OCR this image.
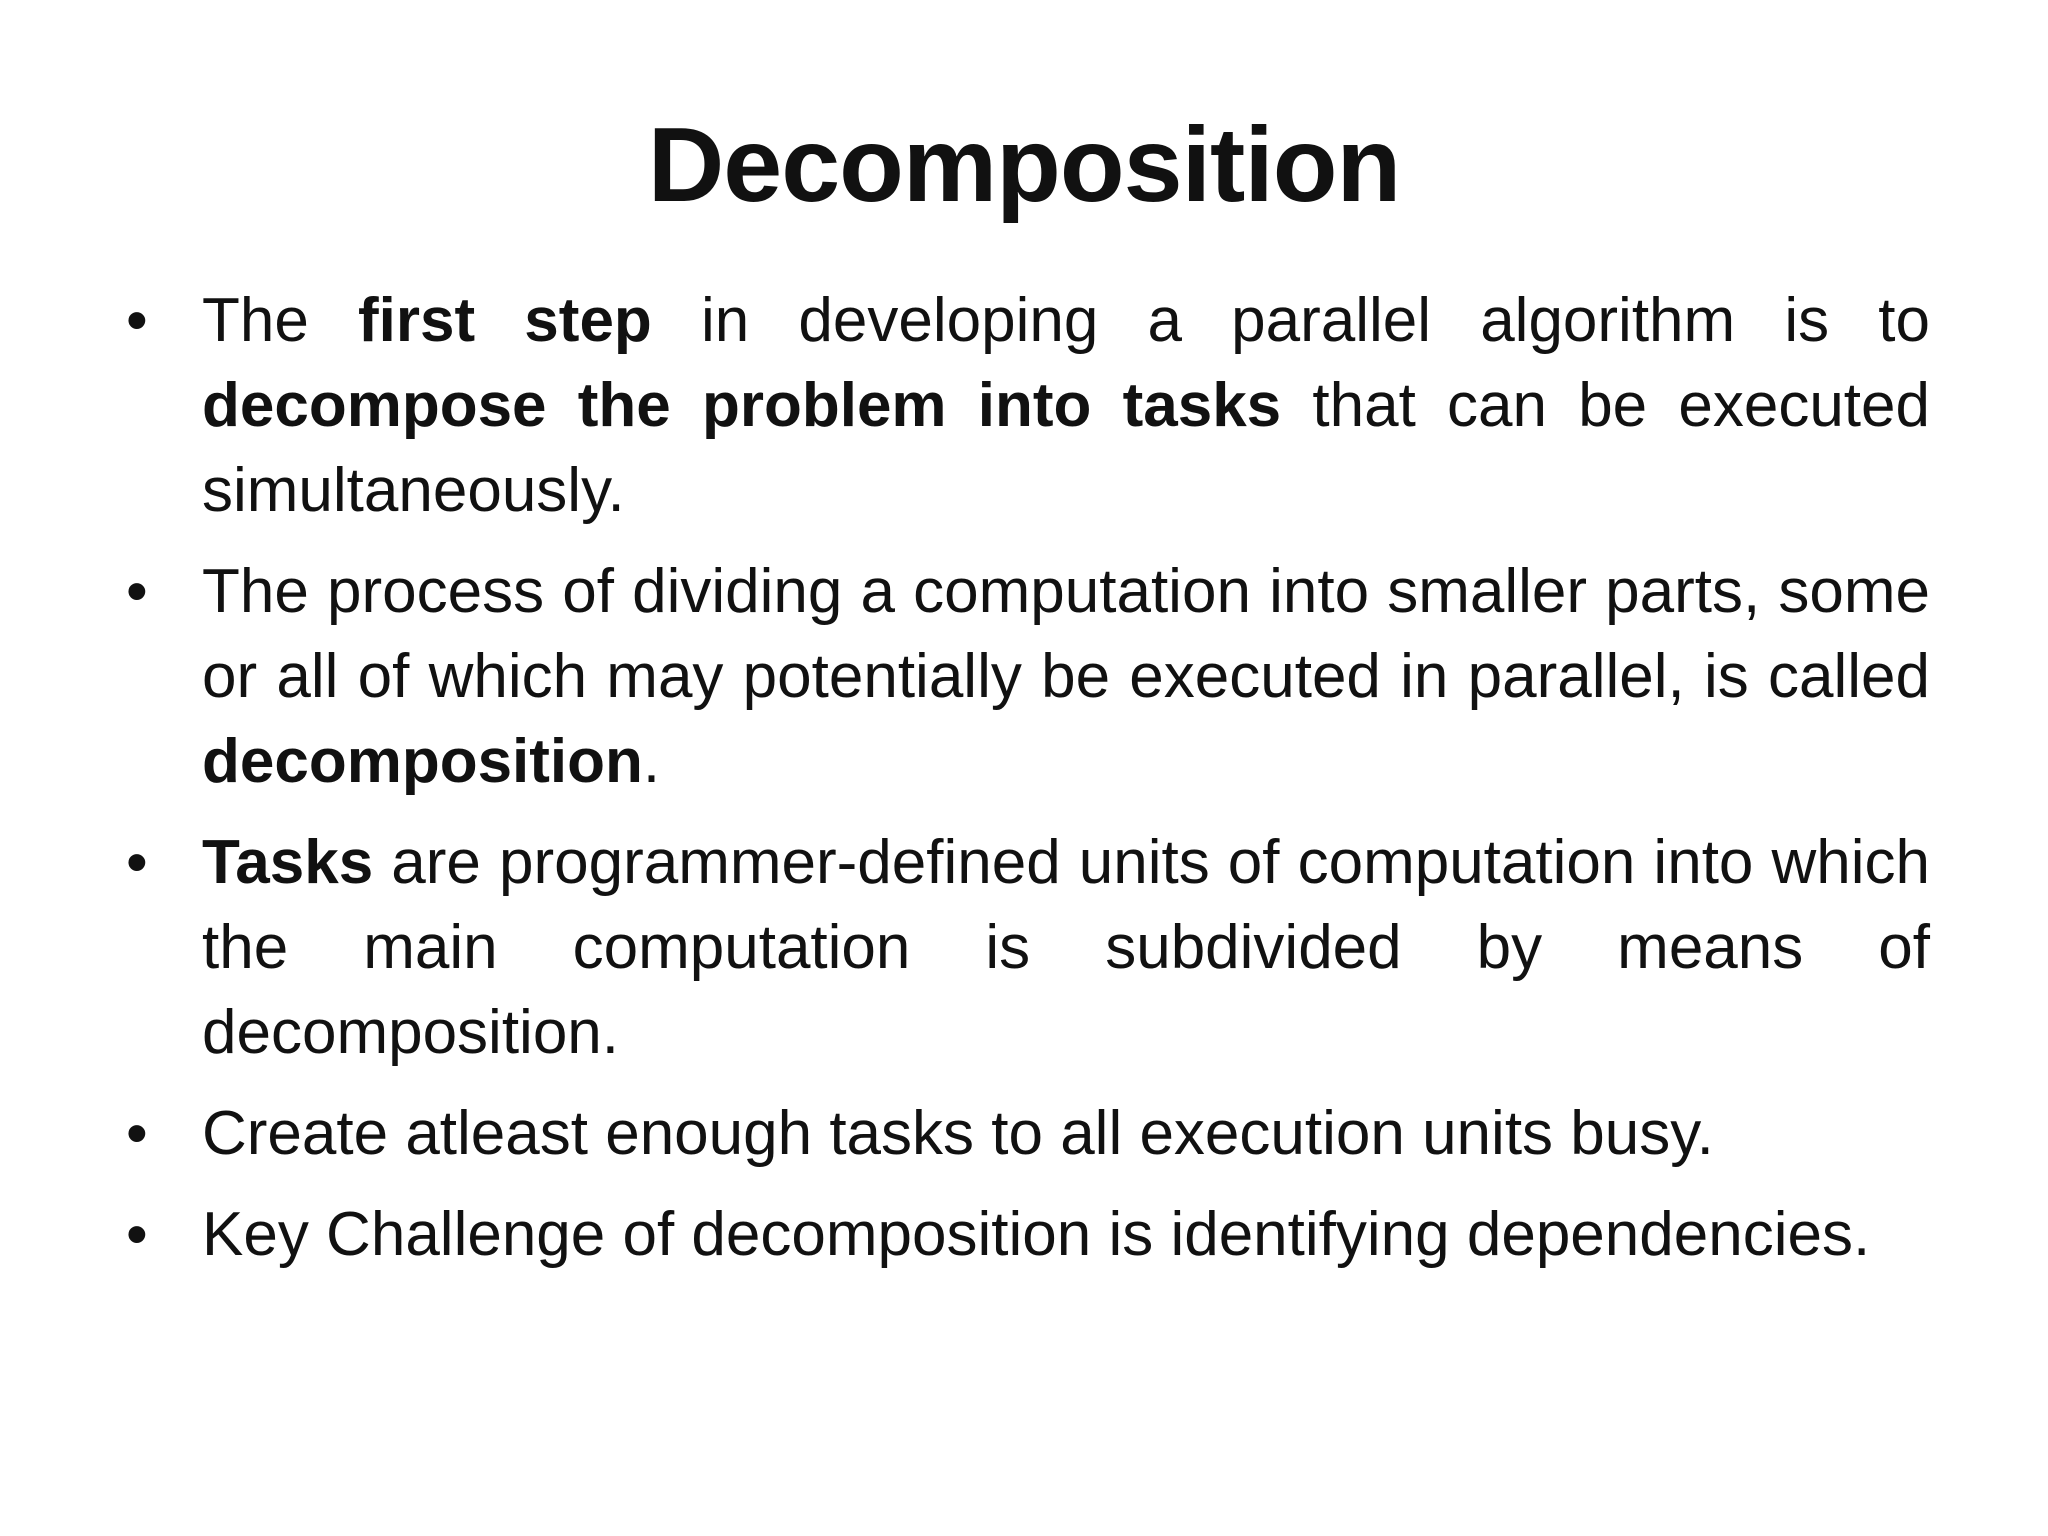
Decomposition
• The first step in developing a parallel algorithm is to decompose the problem into tasks that can be executed simultaneously.
• The process of dividing a computation into smaller parts, some or all of which may potentially be executed in parallel, is called decomposition.
• Tasks are programmer-defined units of computation into which the main computation is subdivided by means of decomposition.
• Create atleast enough tasks to all execution units busy.
• Key Challenge of decomposition is identifying dependencies.
